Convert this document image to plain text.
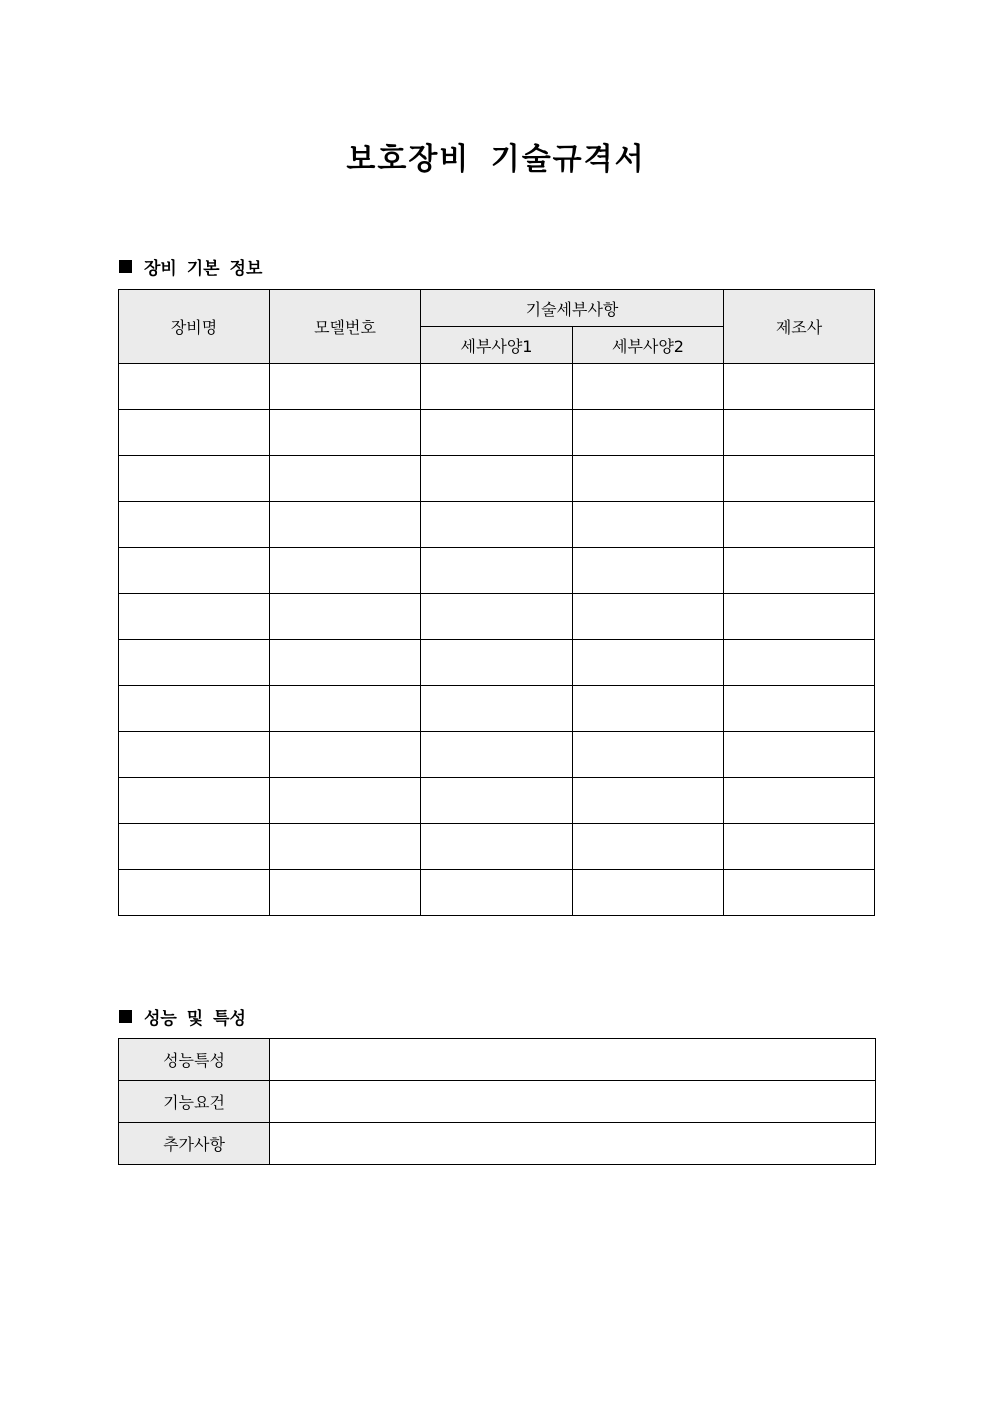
보호장비 기술규격서
장비 기본 정보
장비명	모델번호	기술세부사항		제조사
		세부사양1	세부사양2	

성능 및 특성
성능특성	
기능요건	
추가사항	
